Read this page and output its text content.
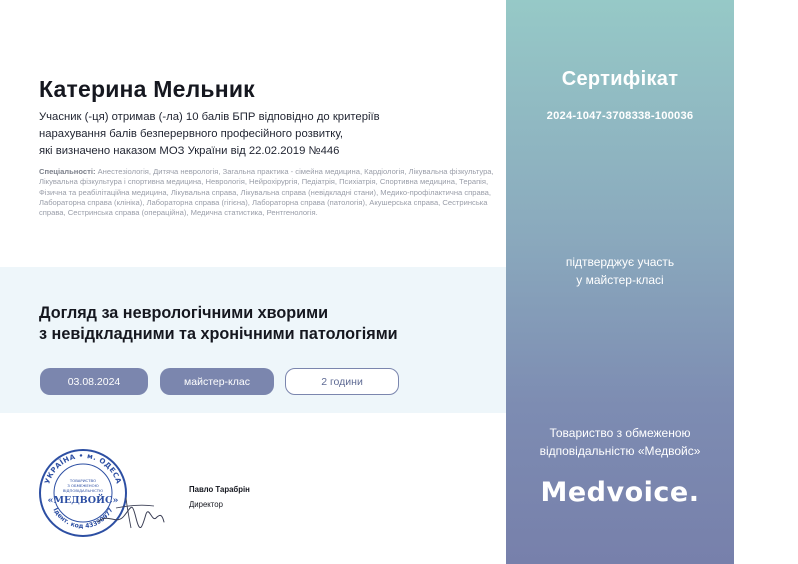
Катерина Мельник
Учасник (-ця) отримав (-ла) 10 балів БПР відповідно до критеріїв
нарахування балів безперервного професійного розвитку,
які визначено наказом МОЗ України від 22.02.2019 №446
Спеціальності: Анестезіологія, Дитяча неврологія, Загальна практика - сімейна медицина, Кардіологія, Лікувальна фізкультура, Лікувальна фізкультура і спортивна медицина, Неврологія, Нейрохірургія, Педіатрія, Психіатрія, Спортивна медицина, Терапія, Фізична та реабілітаційна медицина, Лікувальна справа, Лікувальна справа (невідкладні стани), Медико-профілактична справа, Лабораторна справа (клініка), Лабораторна справа (гігієна), Лабораторна справа (патологія), Акушерська справа, Сестринська справа, Сестринська справа (операційна), Медична статистика, Рентгенологія.
Догляд за неврологічними хворими
з невідкладними та хронічними патологіями
03.08.2024	майстер-клас	2 години
УКРАЇНА • м. ОДЕСА
Ідент. код 43390977
ТОВАРИСТВО
З ОБМЕЖЕНОЮ
ВІДПОВІДАЛЬНІСТЮ
«МЕДВОЙС»
Павло Тарабрін
Директор
Сертифікат
2024-1047-3708338-100036
підтверджує участь
у майстер-класі
Товариство з обмеженою
відповідальністю «Медвойс»
Medvoice.
